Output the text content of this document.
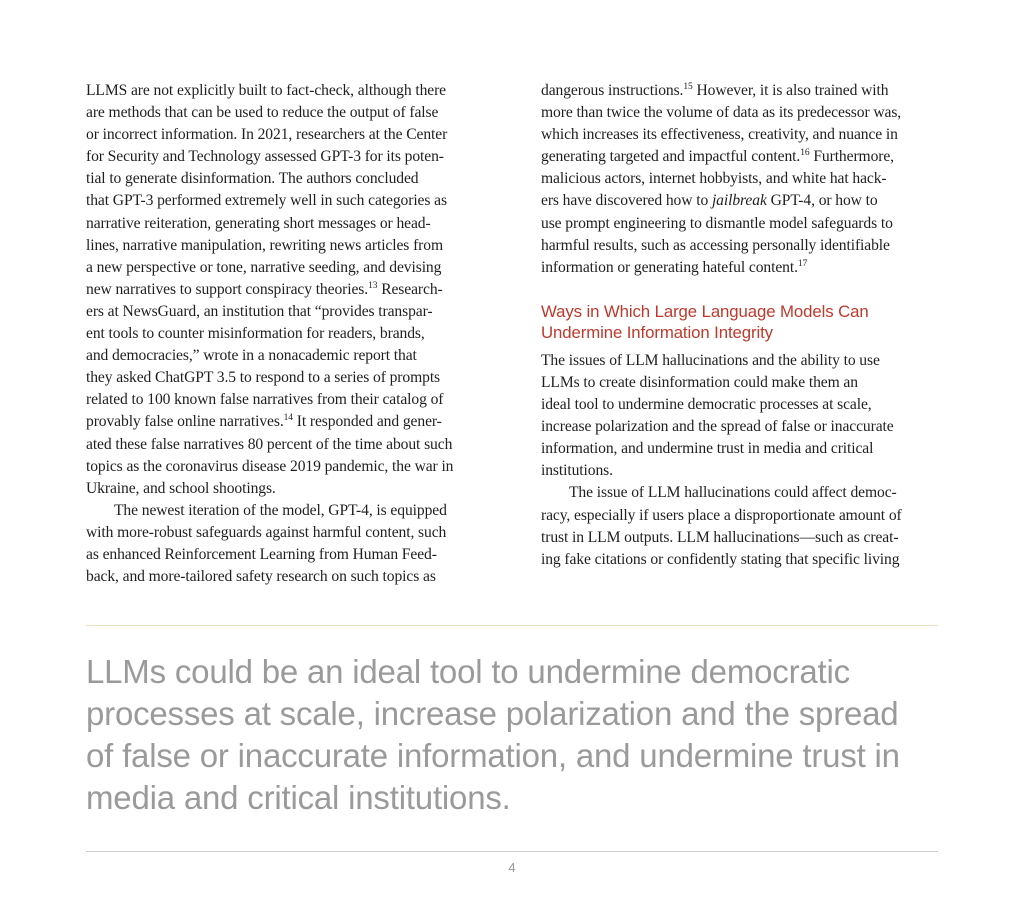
LLMS are not explicitly built to fact-check, although there
are methods that can be used to reduce the output of false
or incorrect information. In 2021, researchers at the Center
for Security and Technology assessed GPT-3 for its poten-
tial to generate disinformation. The authors concluded
that GPT-3 performed extremely well in such categories as
narrative reiteration, generating short messages or head-
lines, narrative manipulation, rewriting news articles from
a new perspective or tone, narrative seeding, and devising
new narratives to support conspiracy theories.$^{13}$ Research-
ers at NewsGuard, an institution that “provides transpar-
ent tools to counter misinformation for readers, brands,
and democracies,” wrote in a nonacademic report that
they asked ChatGPT 3.5 to respond to a series of prompts
related to 100 known false narratives from their catalog of
provably false online narratives.$^{14}$ It responded and gener-
ated these false narratives 80 percent of the time about such
topics as the coronavirus disease 2019 pandemic, the war in
Ukraine, and school shootings.

The newest iteration of the model, GPT-4, is equipped
with more-robust safeguards against harmful content, such
as enhanced Reinforcement Learning from Human Feed-
back, and more-tailored safety research on such topics as

dangerous instructions.$^{15}$ However, it is also trained with
more than twice the volume of data as its predecessor was,
which increases its effectiveness, creativity, and nuance in
generating targeted and impactful content.$^{16}$ Furthermore,
malicious actors, internet hobbyists, and white hat hack-
ers have discovered how to jailbreak GPT-4, or how to
use prompt engineering to dismantle model safeguards to
harmful results, such as accessing personally identifiable
information or generating hateful content.$^{17}$

Ways in Which Large Language Models Can
Undermine Information Integrity

The issues of LLM hallucinations and the ability to use
LLMs to create disinformation could make them an
ideal tool to undermine democratic processes at scale,
increase polarization and the spread of false or inaccurate
information, and undermine trust in media and critical
institutions.

The issue of LLM hallucinations could affect democ-
racy, especially if users place a disproportionate amount of
trust in LLM outputs. LLM hallucinations—such as creat-
ing fake citations or confidently stating that specific living

LLMs could be an ideal tool to undermine democratic
processes at scale, increase polarization and the spread
of false or inaccurate information, and undermine trust in
media and critical institutions.
4
